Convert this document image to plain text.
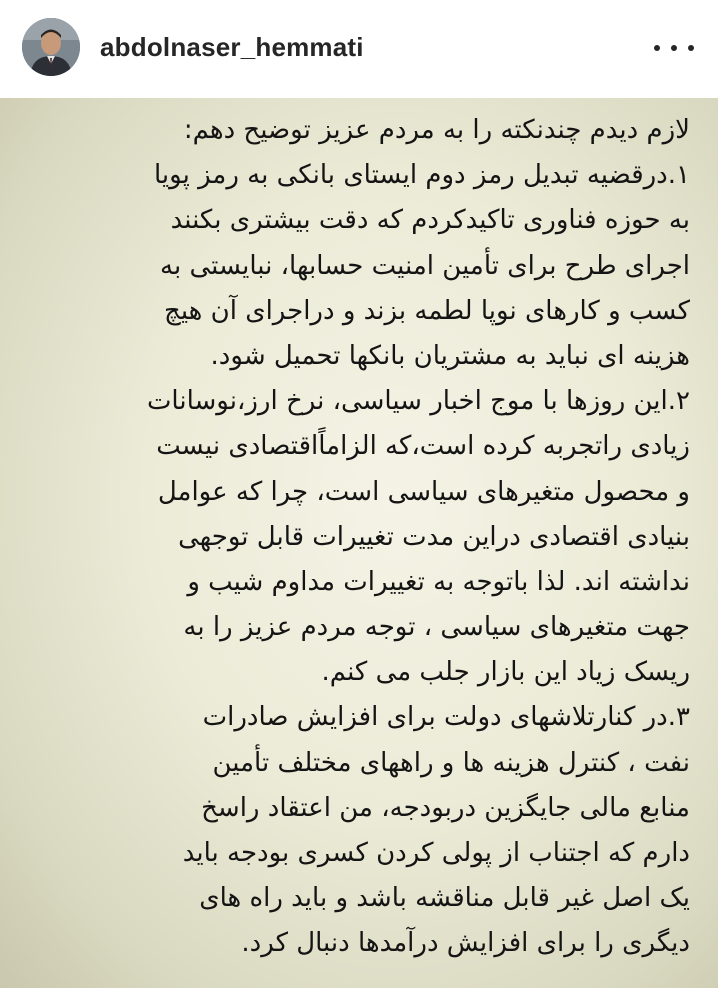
abdolnaser_hemmati
لازم دیدم چندنکته را به مردم عزیز توضیح دهم:
۱.درقضیه تبدیل رمز دوم ایستای بانکی به رمز پویا
به حوزه فناوری تاکیدکردم که دقت بیشتری بکنند
اجرای طرح برای تأمین امنیت حسابها، نبایستی به
کسب و کارهای نوپا لطمه بزند و دراجرای آن هیچ
هزینه ای نباید به مشتریان بانکها تحمیل شود.
۲.این روزها با موج اخبار سیاسی، نرخ ارز،نوسانات
زیادی راتجربه کرده است،که الزاماًاقتصادی نیست
و محصول متغیرهای سیاسی است، چرا که عوامل
بنیادی اقتصادی دراین مدت تغییرات قابل توجهی
نداشته اند. لذا باتوجه به تغییرات مداوم شیب و
جهت متغیرهای سیاسی ، توجه مردم عزیز را به
ریسک زیاد این بازار جلب می کنم.
۳.در کنارتلاشهای دولت برای افزایش صادرات
نفت ، کنترل هزینه ها و راههای مختلف تأمین
منابع مالی جایگزین دربودجه، من اعتقاد راسخ
دارم که اجتناب از پولی کردن کسری بودجه باید
یک اصل غیر قابل مناقشه باشد و باید راه های
دیگری را برای افزایش درآمدها دنبال کرد.
